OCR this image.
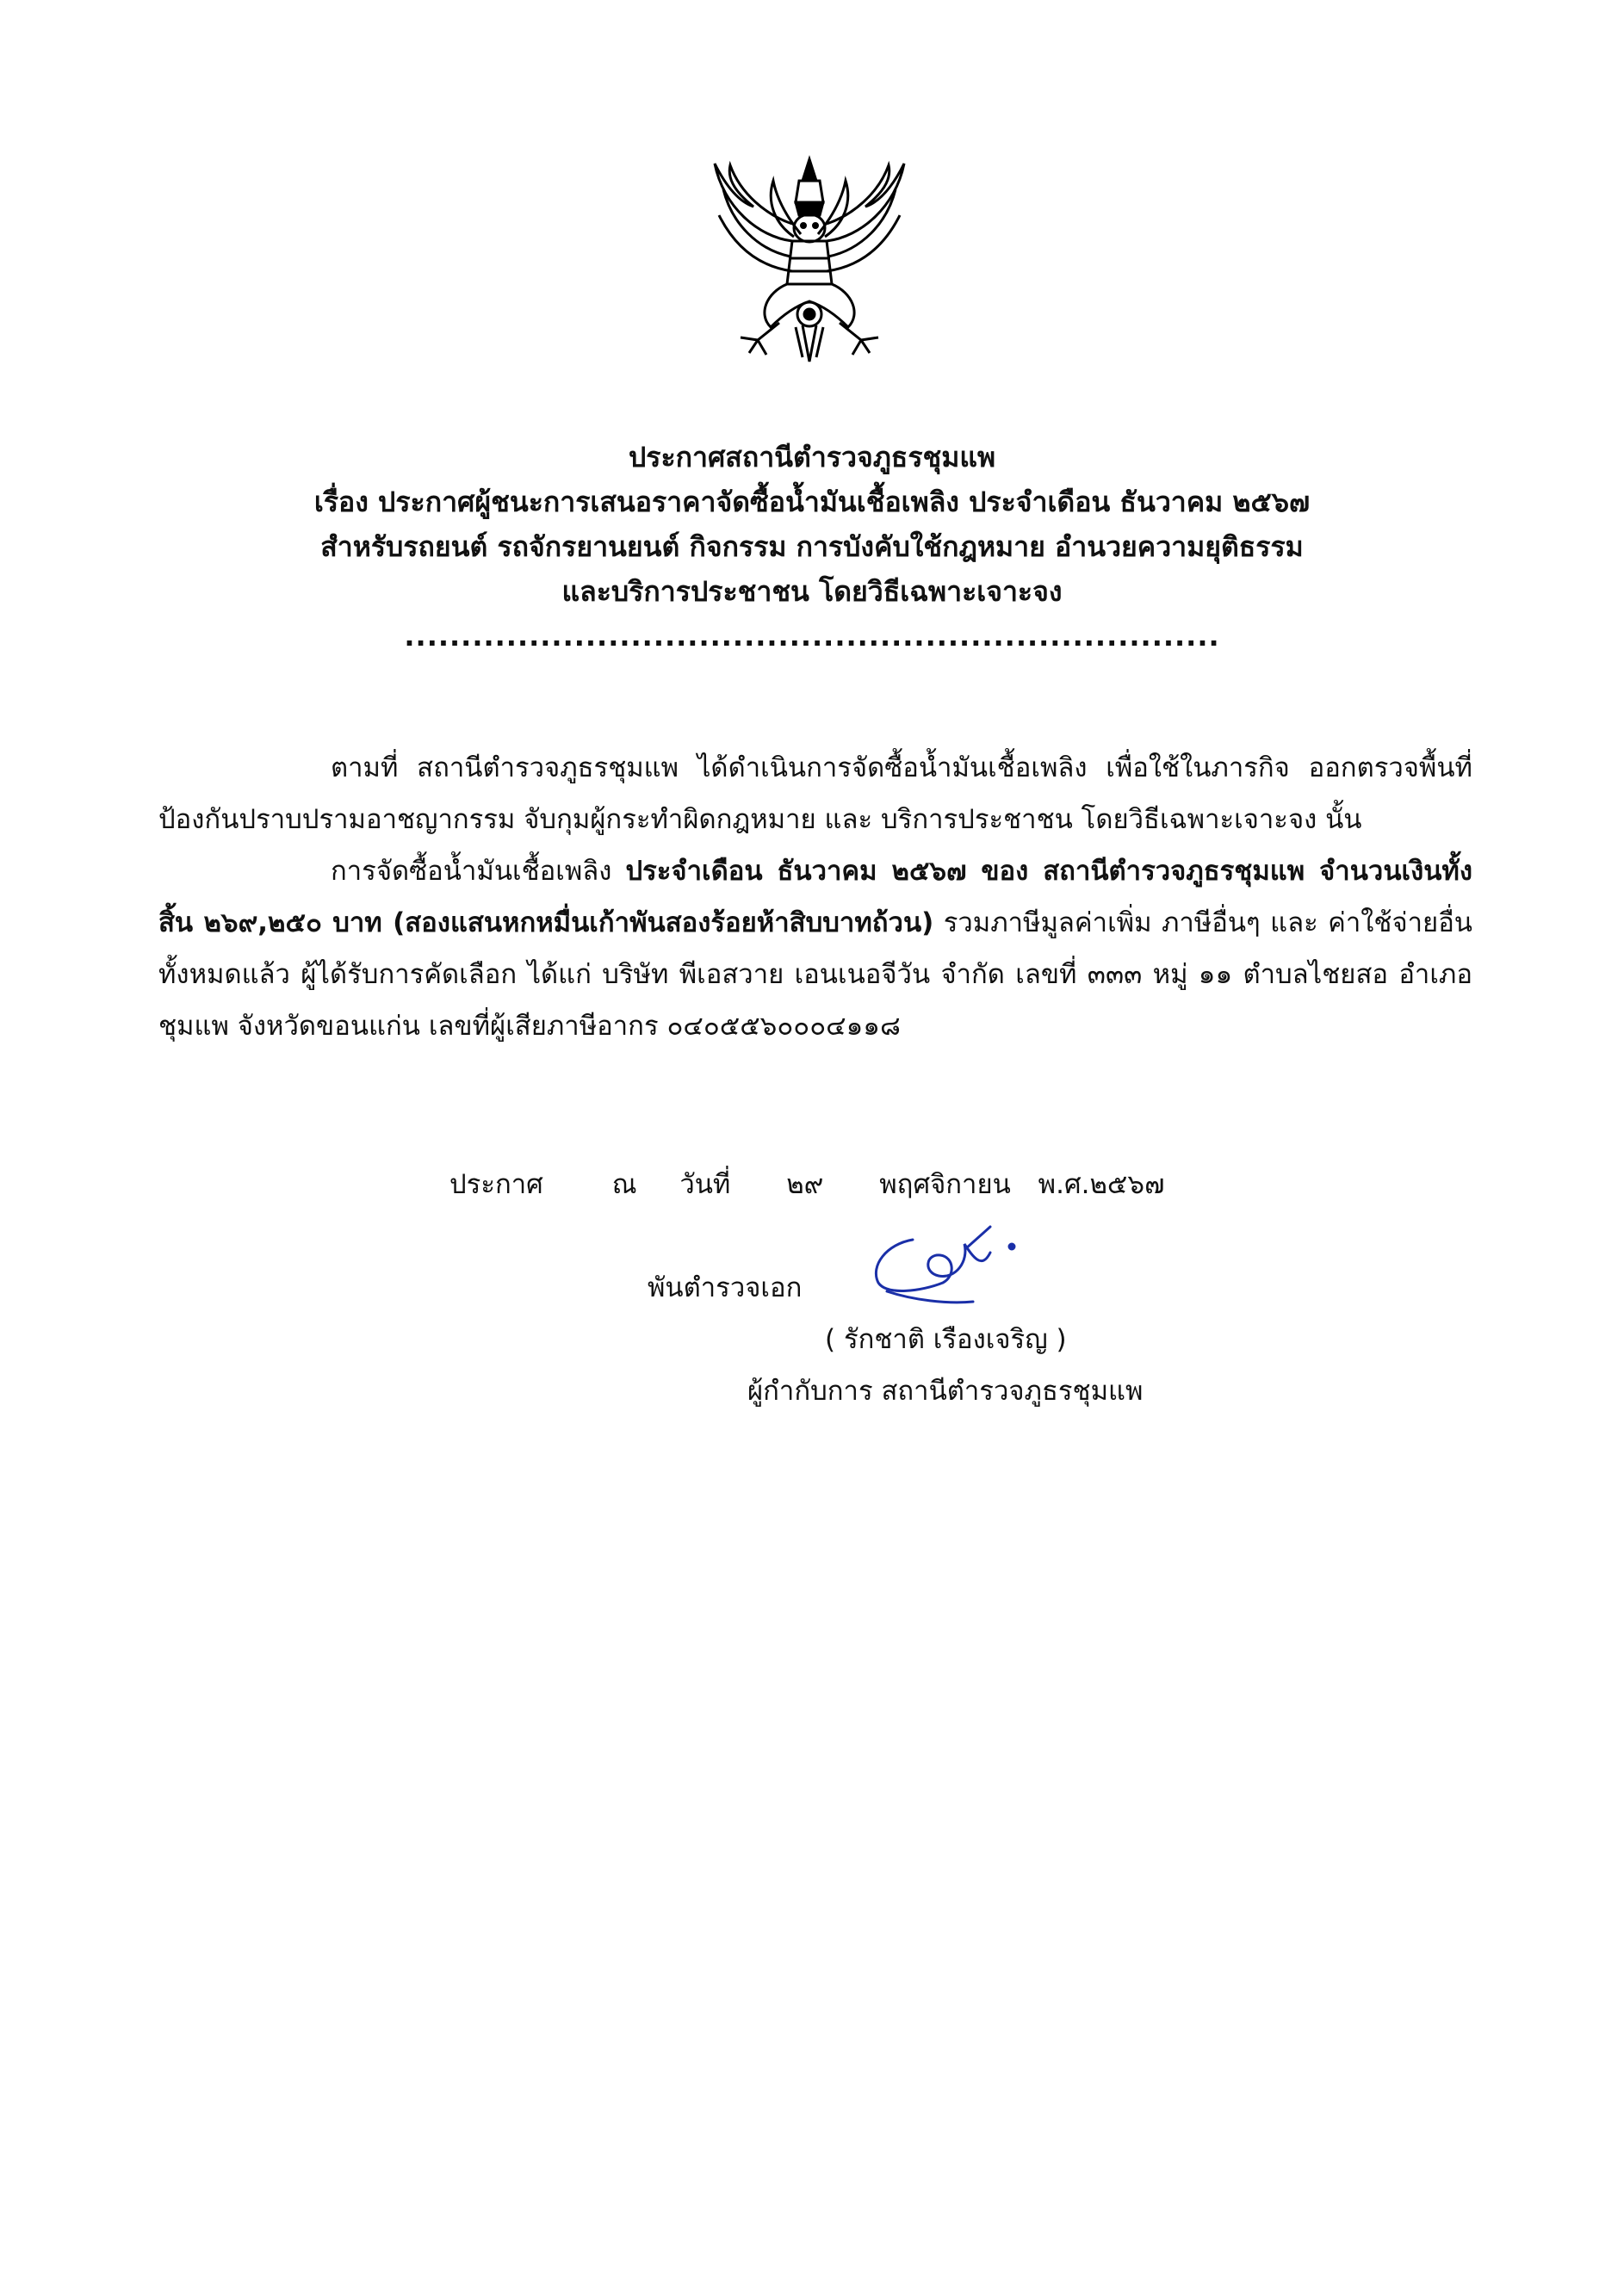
ประกาศสถานีตำรวจภูธรชุมแพ
เรื่อง ประกาศผู้ชนะการเสนอราคาจัดซื้อน้ำมันเชื้อเพลิง ประจำเดือน ธันวาคม ๒๕๖๗
สำหรับรถยนต์ รถจักรยานยนต์ กิจกรรม การบังคับใช้กฎหมาย อำนวยความยุติธรรม
และบริการประชาชน โดยวิธีเฉพาะเจาะจง
........................................................................

ตามที่ สถานีตำรวจภูธรชุมแพ ได้ดำเนินการจัดซื้อน้ำมันเชื้อเพลิง เพื่อใช้ในภารกิจ ออกตรวจพื้นที่ ป้องกันปราบปรามอาชญากรรม จับกุมผู้กระทำผิดกฎหมาย และ บริการประชาชน โดยวิธีเฉพาะเจาะจง นั้น

การจัดซื้อน้ำมันเชื้อเพลิง ประจำเดือน ธันวาคม ๒๕๖๗ ของ สถานีตำรวจภูธรชุมแพ จำนวนเงินทั้งสิ้น ๒๖๙,๒๕๐ บาท (สองแสนหกหมื่นเก้าพันสองร้อยห้าสิบบาทถ้วน) รวมภาษีมูลค่าเพิ่ม ภาษีอื่นๆ และ ค่าใช้จ่ายอื่นทั้งหมดแล้ว ผู้ได้รับการคัดเลือก ได้แก่ บริษัท พีเอสวาย เอนเนอจีวัน จำกัด เลขที่ ๓๓๓ หมู่ ๑๑ ตำบลไชยสอ อำเภอ ชุมแพ จังหวัดขอนแก่น เลขที่ผู้เสียภาษีอากร ๐๔๐๕๕๖๐๐๐๔๑๑๘

ประกาศ	ณ วันที่ ๒๙ พฤศจิกายน พ.ศ.๒๕๖๗
พันตำรวจเอก
( รักชาติ เรืองเจริญ )
ผู้กำกับการ สถานีตำรวจภูธรชุมแพ
